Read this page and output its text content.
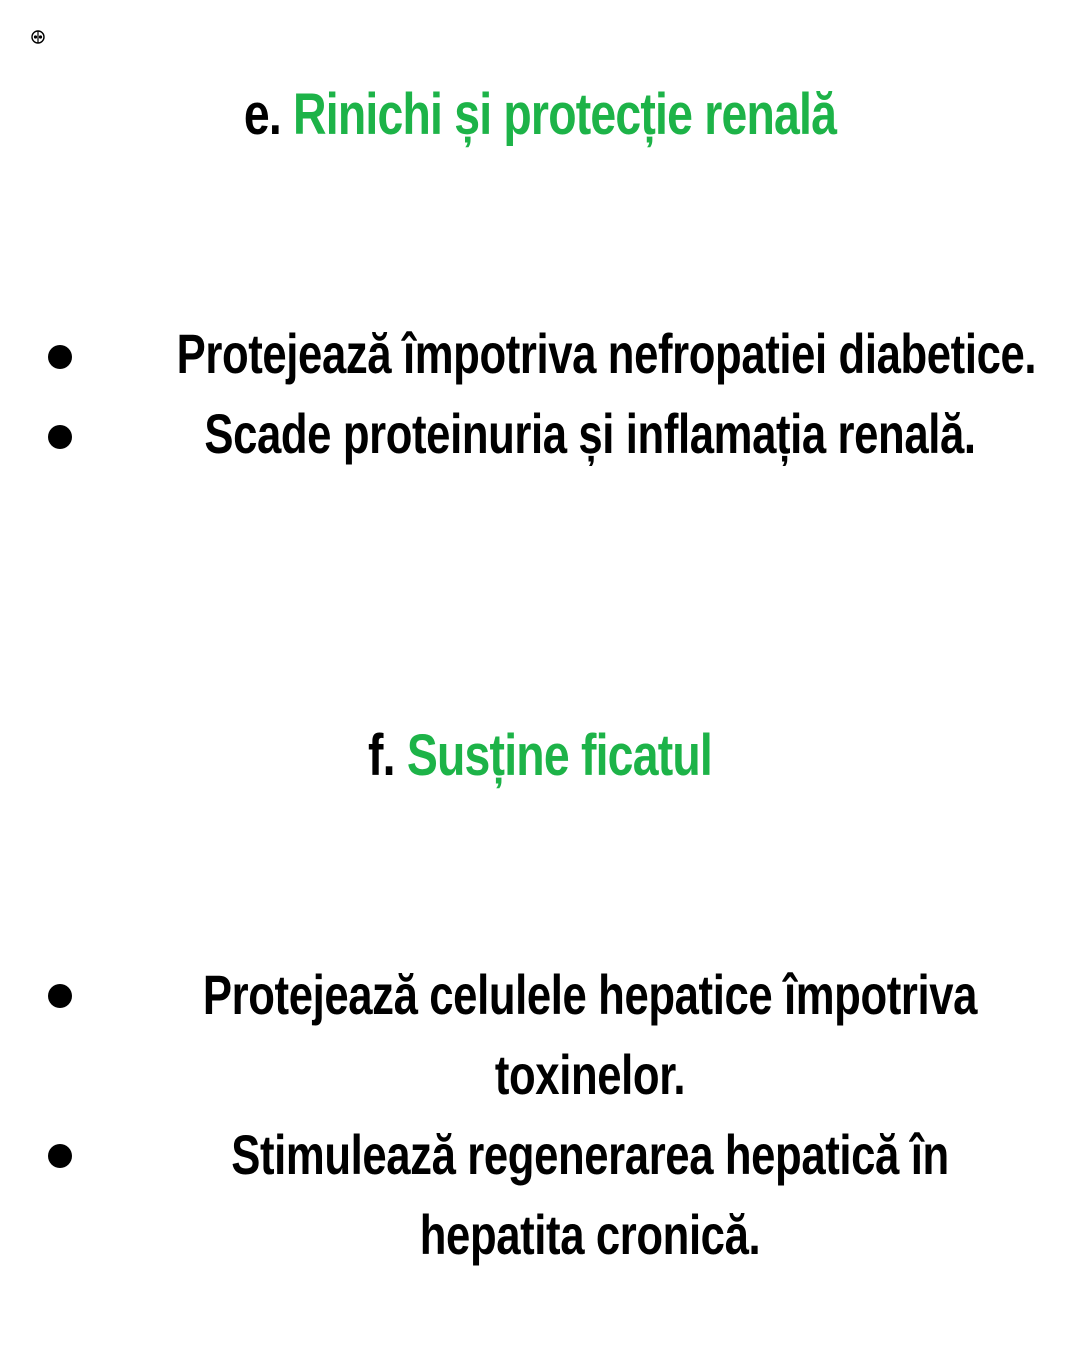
e. Rinichi și protecție renală
Protejează împotriva nefropatiei diabetice.
Scade proteinuria și inflamația renală.
f. Susține ficatul
Protejează celulele hepatice împotriva
toxinelor.
Stimulează regenerarea hepatică în
hepatita cronică.
